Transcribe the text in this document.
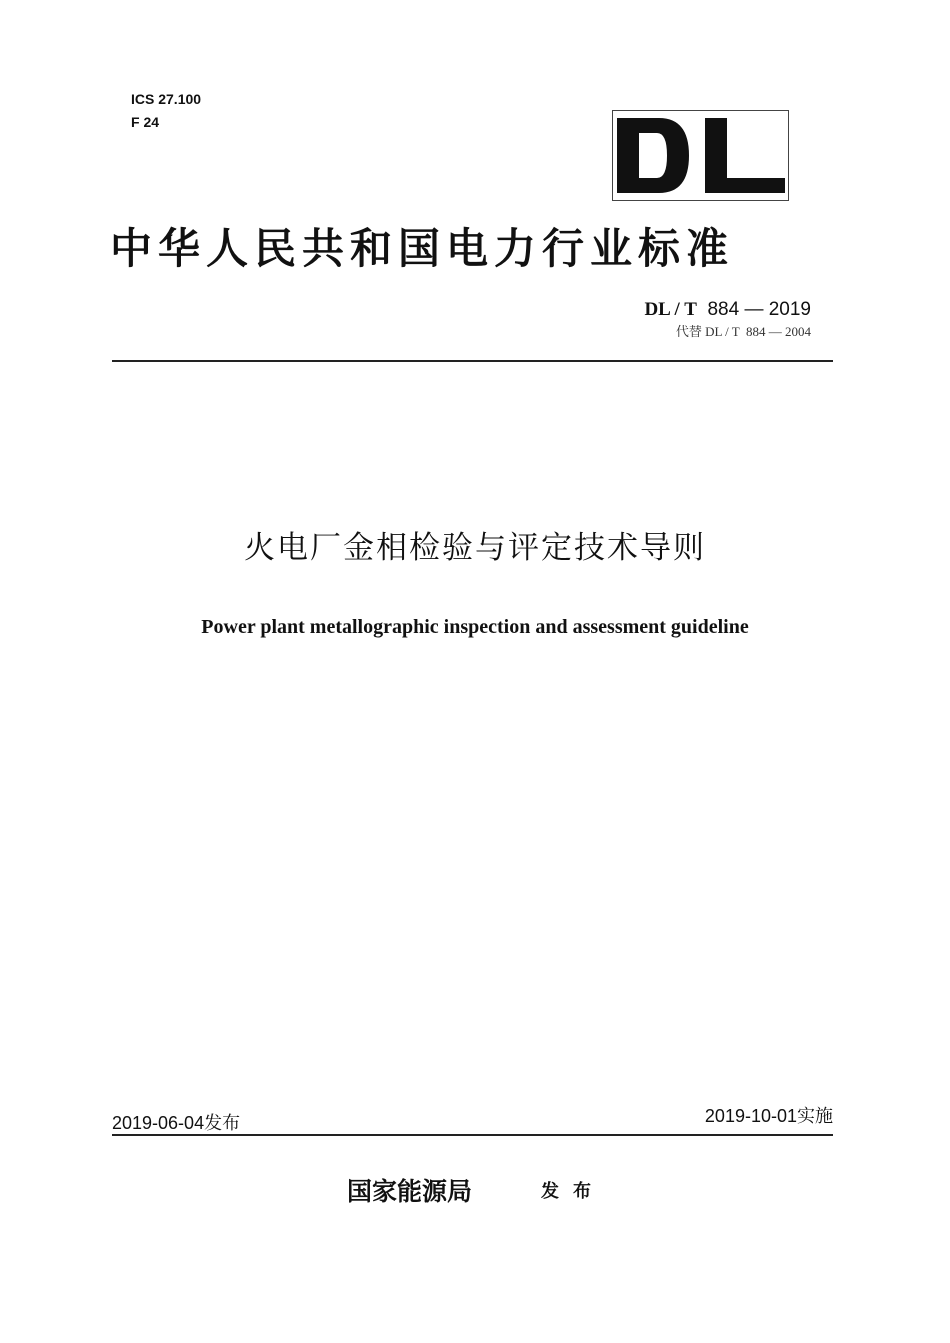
ICS 27.100
F 24
中华人民共和国电力行业标准
DL / T  884 — 2019
代替 DL / T  884 — 2004
火电厂金相检验与评定技术导则
Power plant metallographic inspection and assessment guideline
2019-06-04发布	2019-10-01实施
国家能源局	发布
